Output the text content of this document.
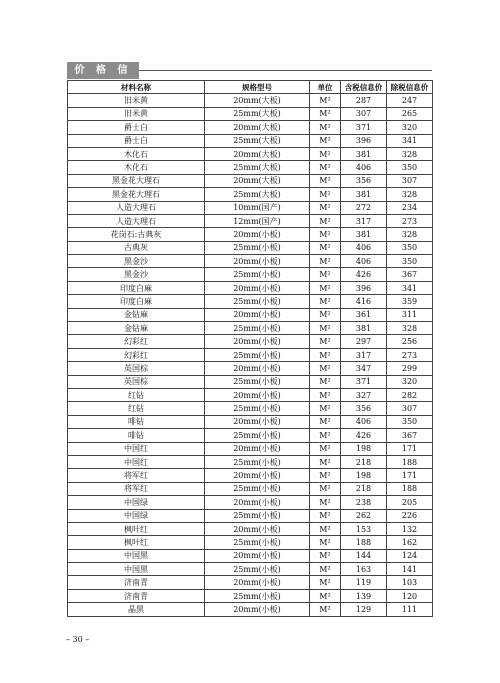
价 格 信 息	材料名称	规格型号	单位	含税信息价	除税信息价
旧米黄	20mm(大板)	M²	287	247
旧米黄	25mm(大板)	M²	307	265
爵士白	20mm(大板)	M²	371	320
爵士白	25mm(大板)	M²	396	341
木化石	20mm(大板)	M²	381	328
木化石	25mm(大板)	M²	406	350
黑金花大理石	20mm(大板)	M²	356	307
黑金花大理石	25mm(大板)	M²	381	328
人造大理石	10mm(国产)	M²	272	234
人造大理石	12mm(国产)	M²	317	273
花岗石:古典灰	20mm(小板)	M²	381	328
古典灰	25mm(小板)	M²	406	350
黑金沙	20mm(小板)	M²	406	350
黑金沙	25mm(小板)	M²	426	367
印度白麻	20mm(小板)	M²	396	341
印度白麻	25mm(小板)	M²	416	359
金钻麻	20mm(小板)	M²	361	311
金钻麻	25mm(小板)	M²	381	328
幻彩红	20mm(小板)	M²	297	256
幻彩红	25mm(小板)	M²	317	273
英国棕	20mm(小板)	M²	347	299
英国棕	25mm(小板)	M²	371	320
红钻	20mm(小板)	M²	327	282
红钻	25mm(小板)	M²	356	307
啡钻	20mm(小板)	M²	406	350
啡钻	25mm(小板)	M²	426	367
中国红	20mm(小板)	M²	198	171
中国红	25mm(小板)	M²	218	188
将军红	20mm(小板)	M²	198	171
将军红	25mm(小板)	M²	218	188
中国绿	20mm(小板)	M²	238	205
中国绿	25mm(小板)	M²	262	226
枫叶红	20mm(小板)	M²	153	132
枫叶红	25mm(小板)	M²	188	162
中国黑	20mm(小板)	M²	144	124
中国黑	25mm(小板)	M²	163	141
济南青	20mm(小板)	M²	119	103
济南青	25mm(小板)	M²	139	120
晶黑	20mm(小板)	M²	129	111
– 30 –
